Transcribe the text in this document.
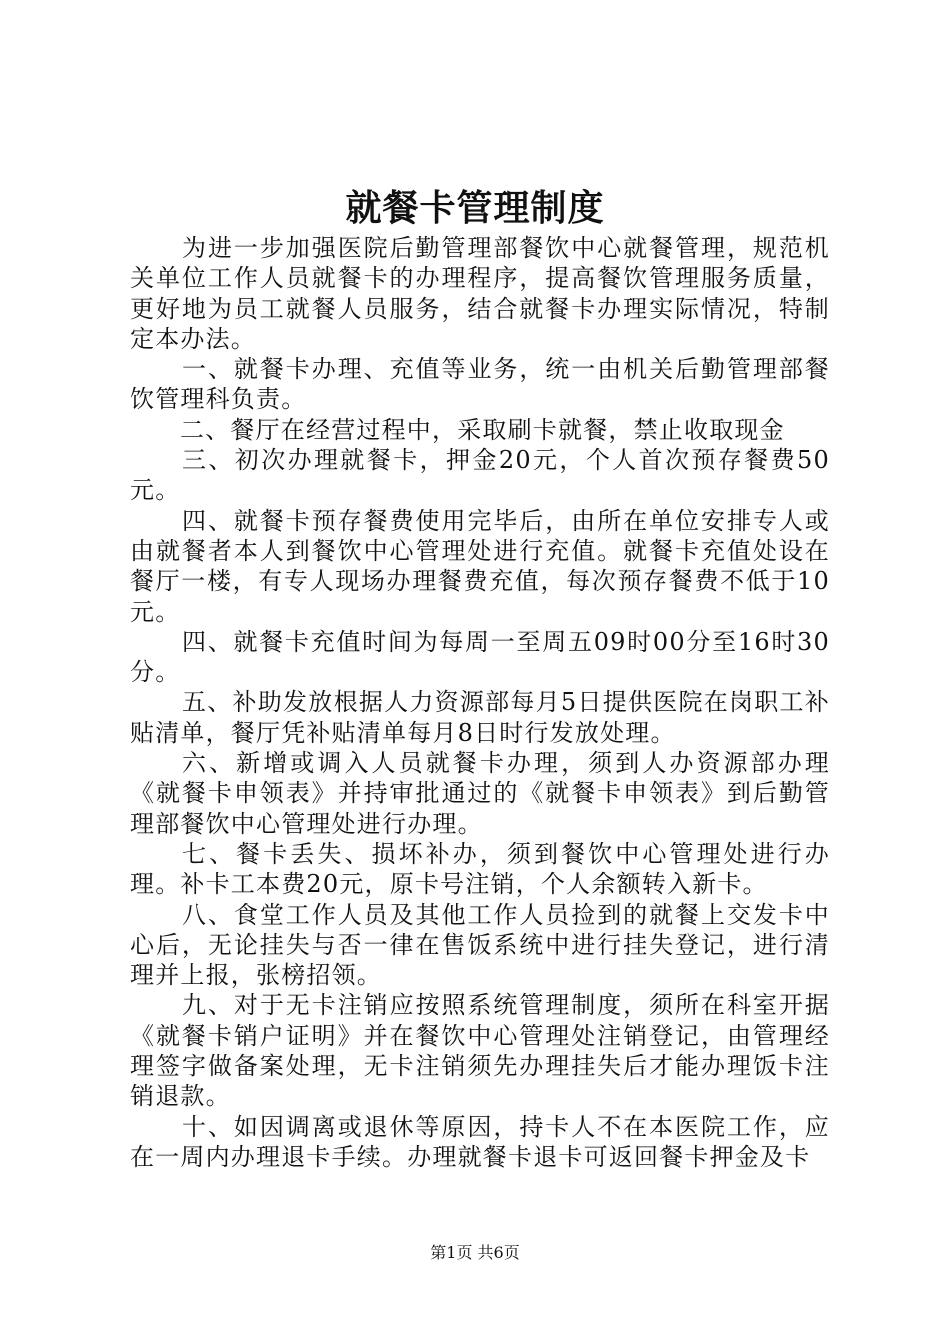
就餐卡管理制度

为进一步加强医院后勤管理部餐饮中心就餐管理，规范机关单位工作人员就餐卡的办理程序，提高餐饮管理服务质量，更好地为员工就餐人员服务，结合就餐卡办理实际情况，特制定本办法。

一、就餐卡办理、充值等业务，统一由机关后勤管理部餐饮管理科负责。

二、餐厅在经营过程中，采取刷卡就餐，禁止收取现金

三、初次办理就餐卡，押金20元，个人首次预存餐费50元。

四、就餐卡预存餐费使用完毕后，由所在单位安排专人或由就餐者本人到餐饮中心管理处进行充值。就餐卡充值处设在餐厅一楼，有专人现场办理餐费充值，每次预存餐费不低于10元。

四、就餐卡充值时间为每周一至周五09时00分至16时30分。

五、补助发放根据人力资源部每月5日提供医院在岗职工补贴清单，餐厅凭补贴清单每月8日时行发放处理。

六、新增或调入人员就餐卡办理，须到人办资源部办理《就餐卡申领表》并持审批通过的《就餐卡申领表》到后勤管理部餐饮中心管理处进行办理。

七、餐卡丢失、损坏补办，须到餐饮中心管理处进行办理。补卡工本费20元，原卡号注销，个人余额转入新卡。

八、食堂工作人员及其他工作人员捡到的就餐上交发卡中心后，无论挂失与否一律在售饭系统中进行挂失登记，进行清理并上报，张榜招领。

九、对于无卡注销应按照系统管理制度，须所在科室开据《就餐卡销户证明》并在餐饮中心管理处注销登记，由管理经理签字做备案处理，无卡注销须先办理挂失后才能办理饭卡注销退款。

十、如因调离或退休等原因，持卡人不在本医院工作，应在一周内办理退卡手续。办理就餐卡退卡可返回餐卡押金及卡

第1页 共6页
